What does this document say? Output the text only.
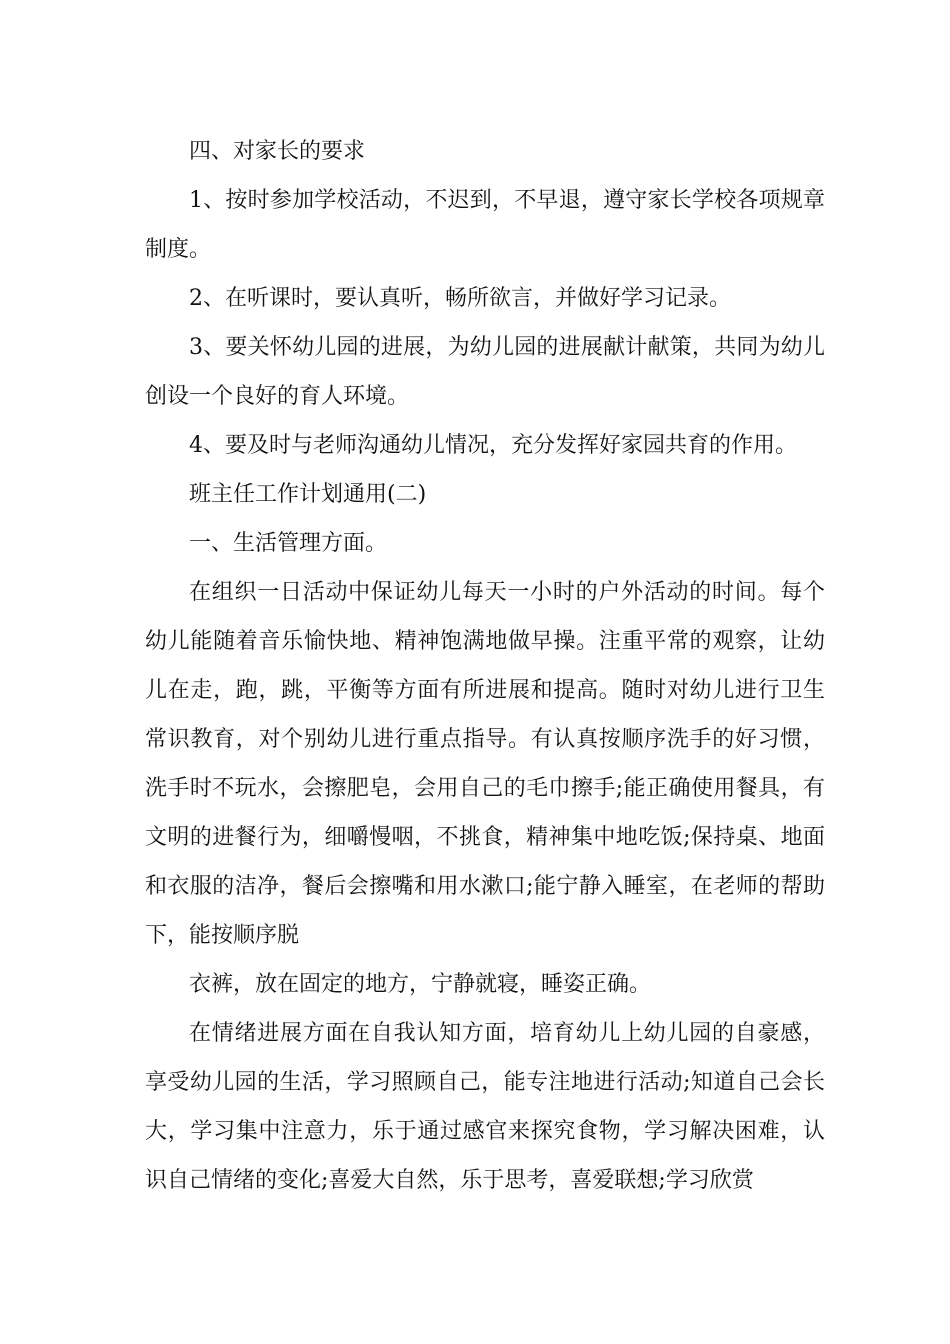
四、对家长的要求

1、按时参加学校活动，不迟到，不早退，遵守家长学校各项规章制度。

2、在听课时，要认真听，畅所欲言，并做好学习记录。

3、要关怀幼儿园的进展，为幼儿园的进展献计献策，共同为幼儿创设一个良好的育人环境。

4、要及时与老师沟通幼儿情况，充分发挥好家园共育的作用。

班主任工作计划通用(二)

一、生活管理方面。

在组织一日活动中保证幼儿每天一小时的户外活动的时间。每个幼儿能随着音乐愉快地、精神饱满地做早操。注重平常的观察，让幼儿在走，跑，跳，平衡等方面有所进展和提高。随时对幼儿进行卫生常识教育，对个别幼儿进行重点指导。有认真按顺序洗手的好习惯，洗手时不玩水，会擦肥皂，会用自己的毛巾擦手;能正确使用餐具，有文明的进餐行为，细嚼慢咽，不挑食，精神集中地吃饭;保持桌、地面和衣服的洁净，餐后会擦嘴和用水漱口;能宁静入睡室，在老师的帮助下，能按顺序脱

衣裤，放在固定的地方，宁静就寝，睡姿正确。

在情绪进展方面在自我认知方面，培育幼儿上幼儿园的自豪感，享受幼儿园的生活，学习照顾自己，能专注地进行活动;知道自己会长大，学习集中注意力，乐于通过感官来探究食物，学习解决困难，认识自己情绪的变化;喜爱大自然，乐于思考，喜爱联想;学习欣赏
